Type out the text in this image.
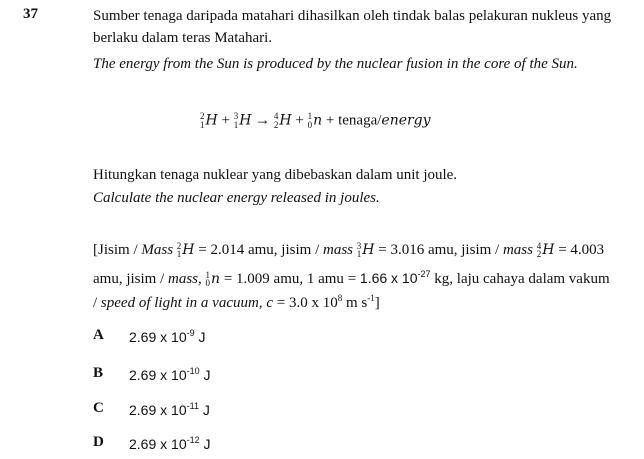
37	Sumber tenaga daripada matahari dihasilkan oleh tindak balas pelakuran nukleus yang
berlaku dalam teras Matahari.
The energy from the Sun is produced by the nuclear fusion in the core of the Sun.
2
1 H + 3
1 H → 4
2 H + 1
0 n + tenaga/energy
Hitungkan tenaga nuklear yang dibebaskan dalam unit joule.
Calculate the nuclear energy released in joules.
[Jisim / Mass 2
1 H = 2.014 amu, jisim / mass 3
1 H = 3.016 amu, jisim / mass 4
2 H = 4.003
amu, jisim / mass, 1
0 n = 1.009 amu, 1 amu = 1.66 x $10^{-27}$ kg, laju cahaya dalam vakum
/ speed of light in a vacuum, c = 3.0 x $10^8$ m $s^{-1}$]
A 2.69 x $10^{-9}$ J
B 2.69 x $10^{-10}$ J
C 2.69 x $10^{-11}$ J
D 2.69 x $10^{-12}$ J
